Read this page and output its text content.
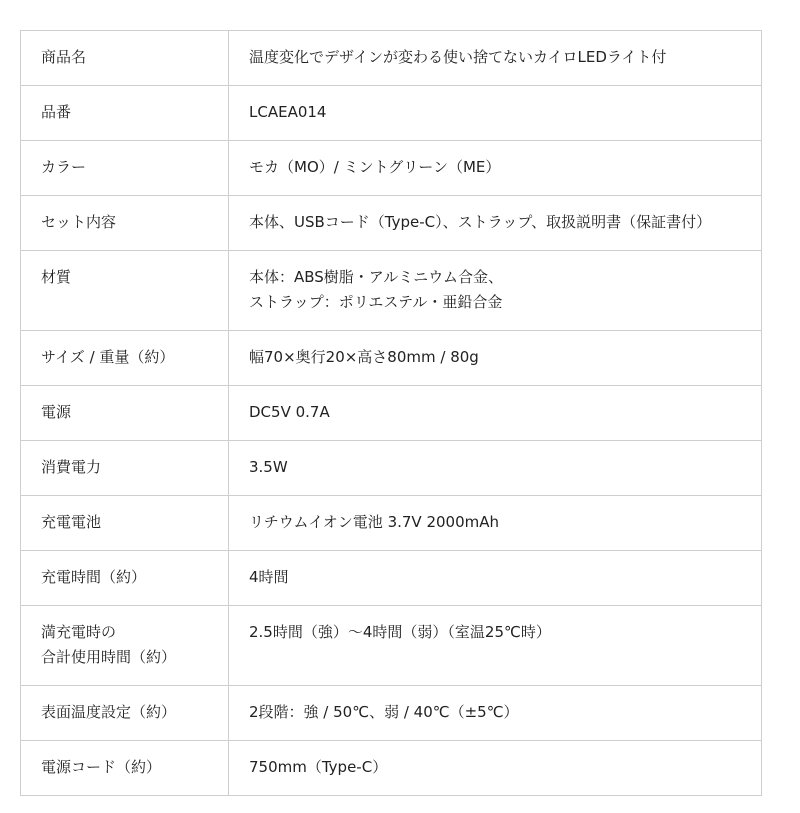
商品名	温度変化でデザインが変わる使い捨てないカイロLEDライト付

品番	LCAEA014

カラー	モカ（MO）/ ミントグリーン（ME）

セット内容	本体、USBコード（Type-C）、ストラップ、取扱説明書（保証書付）

材質	本体：ABS樹脂・アルミニウム合金、
ストラップ：ポリエステル・亜鉛合金

サイズ / 重量（約）	幅70×奥行20×高さ80mm / 80g

電源	DC5V 0.7A

消費電力	3.5W

充電電池	リチウムイオン電池 3.7V 2000mAh

充電時間（約）	4時間

満充電時の
合計使用時間（約）	2.5時間（強）〜4時間（弱）（室温25℃時）

表面温度設定（約）	2段階：強 / 50℃、弱 / 40℃（±5℃）

電源コード（約）	750mm（Type-C）
